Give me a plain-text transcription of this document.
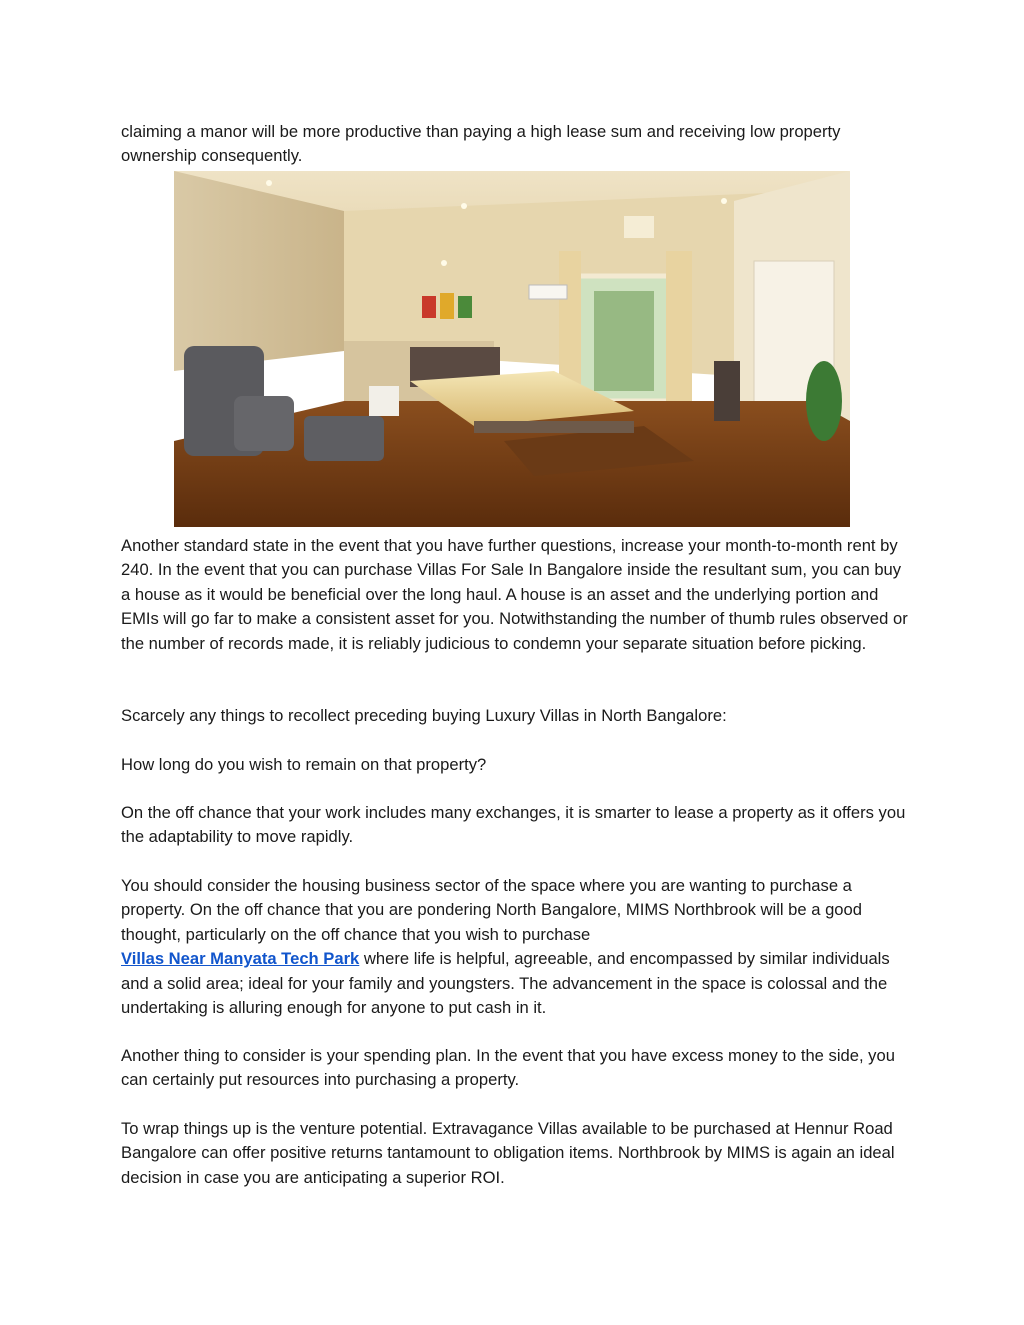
claiming a manor will be more productive than paying a high lease sum and receiving low property ownership consequently.

Another standard state in the event that you have further questions, increase your month-to-month rent by 240. In the event that you can purchase Villas For Sale In Bangalore inside the resultant sum, you can buy a house as it would be beneficial over the long haul. A house is an asset and the underlying portion and EMIs will go far to make a consistent asset for you. Notwithstanding the number of thumb rules observed or the number of records made, it is reliably judicious to condemn your separate situation before picking.

Scarcely any things to recollect preceding buying Luxury Villas in North Bangalore:

How long do you wish to remain on that property?

On the off chance that your work includes many exchanges, it is smarter to lease a property as it offers you the adaptability to move rapidly.

You should consider the housing business sector of the space where you are wanting to purchase a property. On the off chance that you are pondering North Bangalore, MIMS Northbrook will be a good thought, particularly on the off chance that you wish to purchase
Villas Near Manyata Tech Park where life is helpful, agreeable, and encompassed by similar individuals and a solid area; ideal for your family and youngsters. The advancement in the space is colossal and the undertaking is alluring enough for anyone to put cash in it.

Another thing to consider is your spending plan. In the event that you have excess money to the side, you can certainly put resources into purchasing a property.

To wrap things up is the venture potential. Extravagance Villas available to be purchased at Hennur Road Bangalore can offer positive returns tantamount to obligation items. Northbrook by MIMS is again an ideal decision in case you are anticipating a superior ROI.
